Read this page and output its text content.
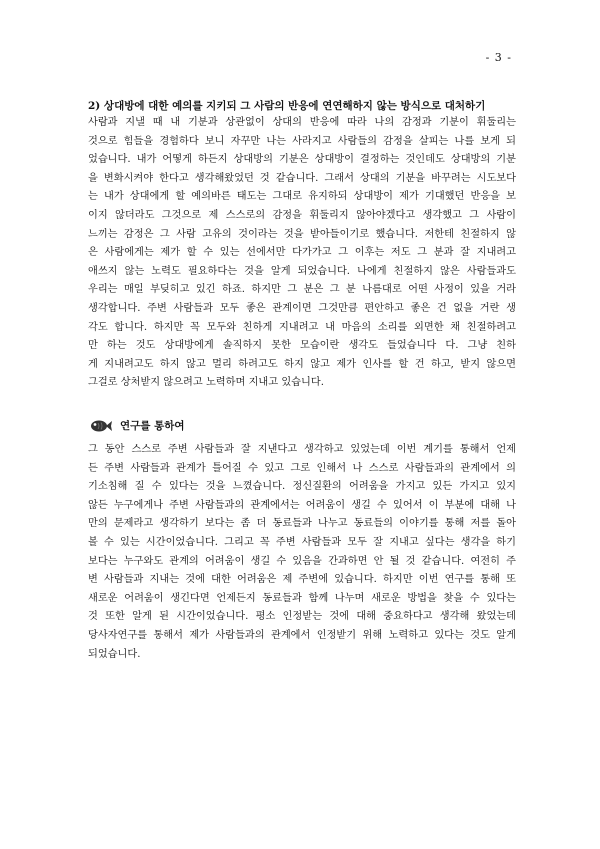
- 3 -
2) 상대방에 대한 예의를 지키되 그 사람의 반응에 연연해하지 않는 방식으로 대처하기
사람과 지낼 때 내 기분과 상관없이 상대의 반응에 따라 나의 감정과 기분이 휘둘리는
것으로 힘들을 경험하다 보니 자꾸만 나는 사라지고 사람들의 감정을 살피는 나를 보게 되
었습니다. 내가 어떻게 하든지 상대방의 기분은 상대방이 결정하는 것인데도 상대방의 기분
을 변화시켜야 한다고 생각해왔었던 것 같습니다. 그래서 상대의 기분을 바꾸려는 시도보다
는 내가 상대에게 할 예의바른 태도는 그대로 유지하되 상대방이 제가 기대했던 반응을 보
이지 않더라도 그것으로 제 스스로의 감정을 휘둘리지 않아야겠다고 생각했고 그 사람이
느끼는 감정은 그 사람 고유의 것이라는 것을 받아들이기로 했습니다. 저한테 친절하지 않
은 사람에게는 제가 할 수 있는 선에서만 다가가고 그 이후는 저도 그 분과 잘 지내려고
애쓰지 않는 노력도 필요하다는 것을 알게 되었습니다. 나에게 친절하지 않은 사람들과도
우리는 매일 부딪히고 있긴 하죠. 하지만 그 분은 그 분 나름대로 어떤 사정이 있을 거라
생각합니다. 주변 사람들과 모두 좋은 관계이면 그것만큼 편안하고 좋은 건 없을 거란 생
각도 합니다. 하지만 꼭 모두와 친하게 지내려고 내 마음의 소리를 외면한 채 친절하려고
만 하는 것도 상대방에게 솔직하지 못한 모습이란 생각도 들었습니다 다. 그냥 친하
게 지내려고도 하지 않고 멀리 하려고도 하지 않고 제가 인사를 할 건 하고, 받지 않으면
그걸로 상처받지 않으려고 노력하며 지내고 있습니다.
연구를 통하여
그 동안 스스로 주변 사람들과 잘 지낸다고 생각하고 있었는데 이번 계기를 통해서 언제
든 주변 사람들과 관계가 틀어질 수 있고 그로 인해서 나 스스로 사람들과의 관계에서 의
기소침해 질 수 있다는 것을 느꼈습니다. 정신질환의 어려움을 가지고 있든 가지고 있지
않든 누구에게나 주변 사람들과의 관계에서는 어려움이 생길 수 있어서 이 부분에 대해 나
만의 문제라고 생각하기 보다는 좀 더 동료들과 나누고 동료들의 이야기를 통해 저를 돌아
볼 수 있는 시간이었습니다. 그리고 꼭 주변 사람들과 모두 잘 지내고 싶다는 생각을 하기
보다는 누구와도 관계의 어려움이 생길 수 있음을 간과하면 안 될 것 같습니다. 여전히 주
변 사람들과 지내는 것에 대한 어려움은 제 주변에 있습니다. 하지만 이번 연구를 통해 또
새로운 어려움이 생긴다면 언제든지 동료들과 함께 나누며 새로운 방법을 찾을 수 있다는
것 또한 알게 된 시간이었습니다. 평소 인정받는 것에 대해 중요하다고 생각해 왔었는데
당사자연구를 통해서 제가 사람들과의 관계에서 인정받기 위해 노력하고 있다는 것도 알게
되었습니다.
